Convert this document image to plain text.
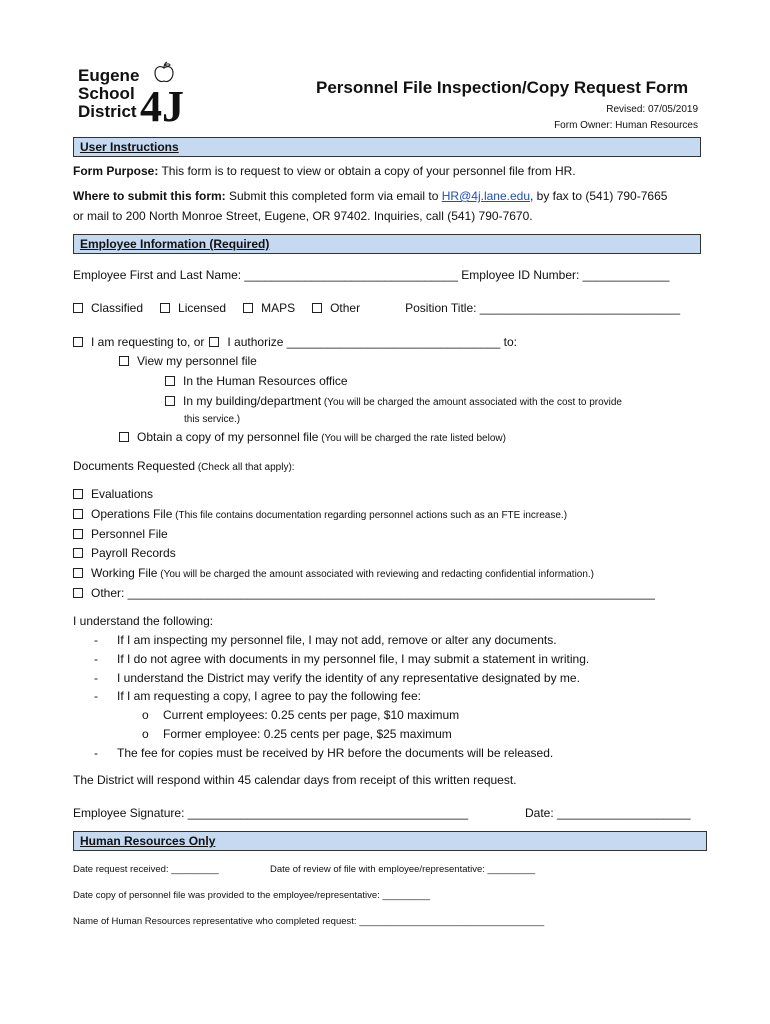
Eugene
School
District 4J	Personnel File Inspection/Copy Request Form
Revised: 07/05/2019
Form Owner: Human Resources
User Instructions
Form Purpose: This form is to request to view or obtain a copy of your personnel file from HR.
Where to submit this form: Submit this completed form via email to HR@4j.lane.edu, by fax to (541) 790-7665
or mail to 200 North Monroe Street, Eugene, OR 97402. Inquiries, call (541) 790-7670.
Employee Information (Required)
Employee First and Last Name: ________________________________ Employee ID Number: _____________
Classified	Licensed	MAPS	Other	Position Title: ______________________________
I am requesting to, or I authorize ________________________________ to:
View my personnel file
In the Human Resources office
In my building/department (You will be charged the amount associated with the cost to provide
this service.)
Obtain a copy of my personnel file (You will be charged the rate listed below)
Documents Requested (Check all that apply):
Evaluations
Operations File (This file contains documentation regarding personnel actions such as an FTE increase.)
Personnel File
Payroll Records
Working File (You will be charged the amount associated with reviewing and redacting confidential information.)
Other: _______________________________________________________________________________
I understand the following:
- If I am inspecting my personnel file, I may not add, remove or alter any documents.
- If I do not agree with documents in my personnel file, I may submit a statement in writing.
- I understand the District may verify the identity of any representative designated by me.
- If I am requesting a copy, I agree to pay the following fee:
o Current employees: 0.25 cents per page, $10 maximum
o Former employee: 0.25 cents per page, $25 maximum
- The fee for copies must be received by HR before the documents will be released.
The District will respond within 45 calendar days from receipt of this written request.
Employee Signature: __________________________________________	Date: ____________________
Human Resources Only
Date request received: _________	Date of review of file with employee/representative: _________
Date copy of personnel file was provided to the employee/representative: _________
Name of Human Resources representative who completed request: ___________________________________
